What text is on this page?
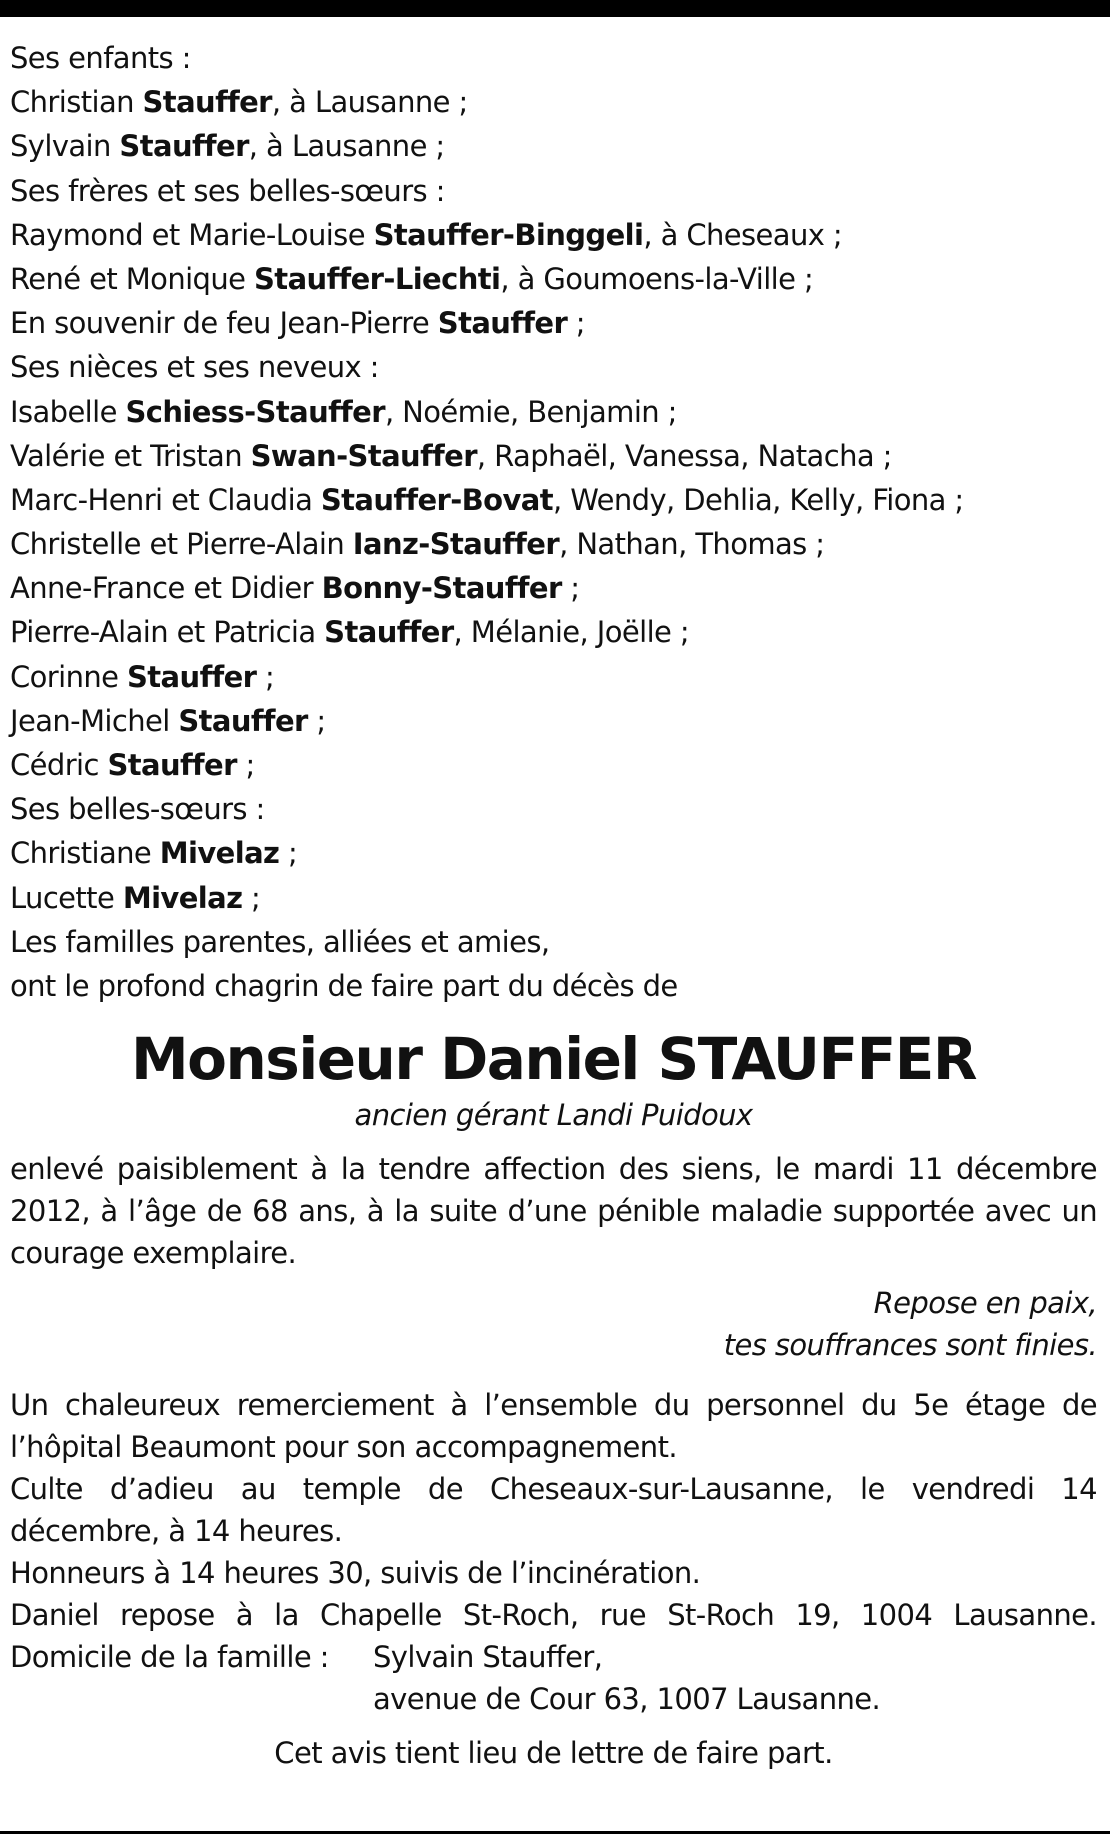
Ses enfants :
Christian Stauffer, à Lausanne ;
Sylvain Stauffer, à Lausanne ;
Ses frères et ses belles-sœurs :
Raymond et Marie-Louise Stauffer-Binggeli, à Cheseaux ;
René et Monique Stauffer-Liechti, à Goumoens-la-Ville ;
En souvenir de feu Jean-Pierre Stauffer ;
Ses nièces et ses neveux :
Isabelle Schiess-Stauffer, Noémie, Benjamin ;
Valérie et Tristan Swan-Stauffer, Raphaël, Vanessa, Natacha ;
Marc-Henri et Claudia Stauffer-Bovat, Wendy, Dehlia, Kelly, Fiona ;
Christelle et Pierre-Alain Ianz-Stauffer, Nathan, Thomas ;
Anne-France et Didier Bonny-Stauffer ;
Pierre-Alain et Patricia Stauffer, Mélanie, Joëlle ;
Corinne Stauffer ;
Jean-Michel Stauffer ;
Cédric Stauffer ;
Ses belles-sœurs :
Christiane Mivelaz ;
Lucette Mivelaz ;
Les familles parentes, alliées et amies,
ont le profond chagrin de faire part du décès de
Monsieur Daniel STAUFFER
ancien gérant Landi Puidoux
enlevé paisiblement à la tendre affection des siens, le mardi 11 décembre 2012, à l’âge de 68 ans, à la suite d’une pénible maladie supportée avec un courage exemplaire.
Repose en paix,
tes souffrances sont finies.
Un chaleureux remerciement à l’ensemble du personnel du 5e étage de l’hôpital Beaumont pour son accompagnement.
Culte d’adieu au temple de Cheseaux-sur-Lausanne, le vendredi 14 décembre, à 14 heures.
Honneurs à 14 heures 30, suivis de l’incinération.
Daniel repose à la Chapelle St-Roch, rue St-Roch 19, 1004 Lausanne.
Domicile de la famille :	Sylvain Stauffer,
avenue de Cour 63, 1007 Lausanne.
Cet avis tient lieu de lettre de faire part.
